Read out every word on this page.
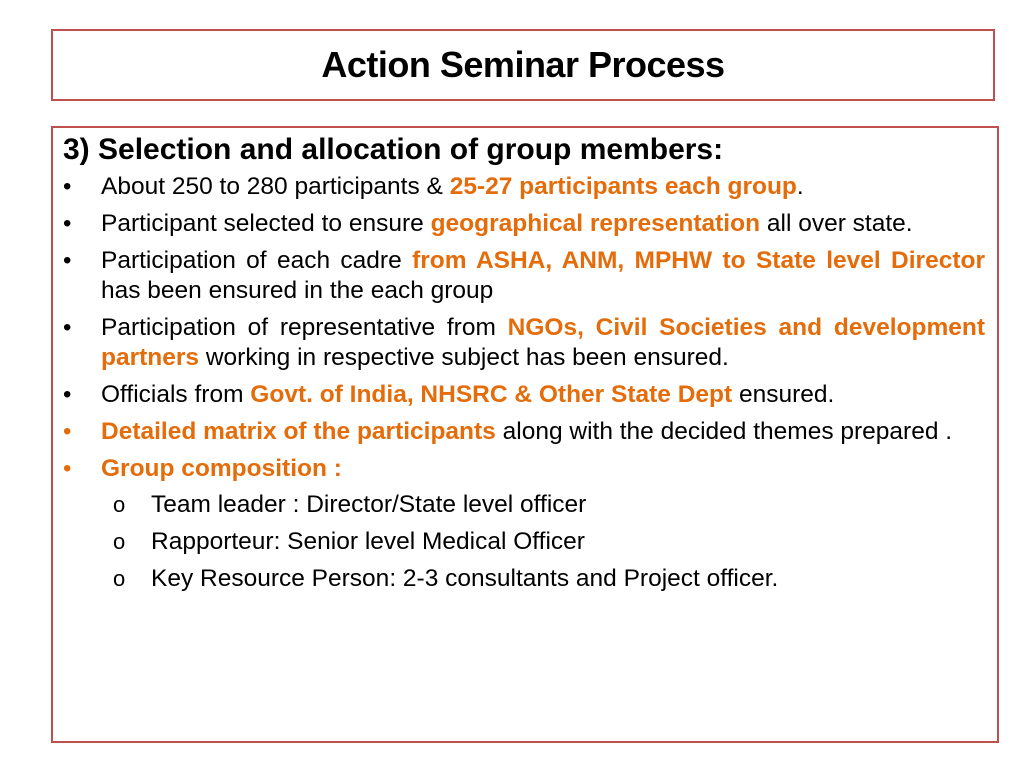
Action Seminar Process
3) Selection and allocation of group members:
•	About 250 to 280 participants & 25-27 participants each group.
•	Participant selected to ensure geographical representation all over state.
•	Participation of each cadre from ASHA, ANM, MPHW to State level Director has been ensured in the each group
•	Participation of representative from NGOs, Civil Societies and development partners working in respective subject has been ensured.
•	Officials from Govt. of India, NHSRC & Other State Dept ensured.
•	Detailed matrix of the participants along with the decided themes prepared .
•	Group composition :
o Team leader : Director/State level officer
o Rapporteur: Senior level Medical Officer
o Key Resource Person: 2-3 consultants and Project officer.
